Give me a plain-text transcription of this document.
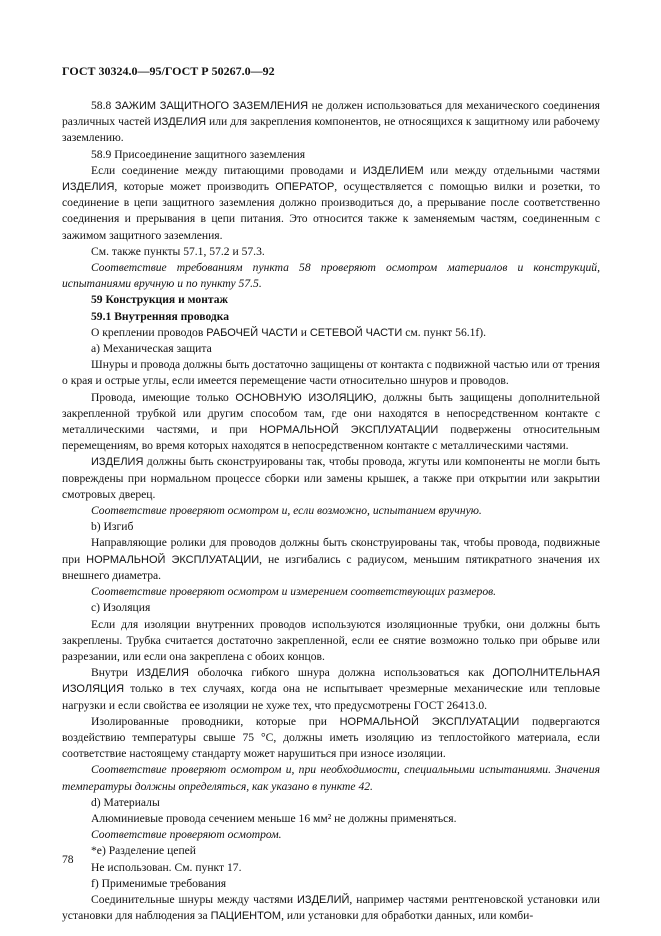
ГОСТ 30324.0—95/ГОСТ Р 50267.0—92

58.8 ЗАЖИМ ЗАЩИТНОГО ЗАЗЕМЛЕНИЯ не должен использоваться для механического соединения различных частей ИЗДЕЛИЯ или для закрепления компонентов, не относящихся к защитному или рабочему заземлению.

58.9 Присоединение защитного заземления

Если соединение между питающими проводами и ИЗДЕЛИЕМ или между отдельными частями ИЗДЕЛИЯ, которые может производить ОПЕРАТОР, осуществляется с помощью вилки и розетки, то соединение в цепи защитного заземления должно производиться до, а прерывание после соответственно соединения и прерывания в цепи питания. Это относится также к заменяемым частям, соединенным с зажимом защитного заземления.

См. также пункты 57.1, 57.2 и 57.3.

Соответствие требованиям пункта 58 проверяют осмотром материалов и конструкций, испытаниями вручную и по пункту 57.5.

59 Конструкция и монтаж

59.1 Внутренняя проводка

О креплении проводов РАБОЧЕЙ ЧАСТИ и СЕТЕВОЙ ЧАСТИ см. пункт 56.1f).

а) Механическая защита

Шнуры и провода должны быть достаточно защищены от контакта с подвижной частью или от трения о края и острые углы, если имеется перемещение части относительно шнуров и проводов.

Провода, имеющие только ОСНОВНУЮ ИЗОЛЯЦИЮ, должны быть защищены дополнительной закрепленной трубкой или другим способом там, где они находятся в непосредственном контакте с металлическими частями, и при НОРМАЛЬНОЙ ЭКСПЛУАТАЦИИ подвержены относительным перемещениям, во время которых находятся в непосредственном контакте с металлическими частями.

ИЗДЕЛИЯ должны быть сконструированы так, чтобы провода, жгуты или компоненты не могли быть повреждены при нормальном процессе сборки или замены крышек, а также при открытии или закрытии смотровых дверец.

Соответствие проверяют осмотром и, если возможно, испытанием вручную.

b) Изгиб

Направляющие ролики для проводов должны быть сконструированы так, чтобы провода, подвижные при НОРМАЛЬНОЙ ЭКСПЛУАТАЦИИ, не изгибались с радиусом, меньшим пятикратного значения их внешнего диаметра.

Соответствие проверяют осмотром и измерением соответствующих размеров.

с) Изоляция

Если для изоляции внутренних проводов используются изоляционные трубки, они должны быть закреплены. Трубка считается достаточно закрепленной, если ее снятие возможно только при обрыве или разрезании, или если она закреплена с обоих концов.

Внутри ИЗДЕЛИЯ оболочка гибкого шнура должна использоваться как ДОПОЛНИТЕЛЬНАЯ ИЗОЛЯЦИЯ только в тех случаях, когда она не испытывает чрезмерные механические или тепловые нагрузки и если свойства ее изоляции не хуже тех, что предусмотрены ГОСТ 26413.0.

Изолированные проводники, которые при НОРМАЛЬНОЙ ЭКСПЛУАТАЦИИ подвергаются воздействию температуры свыше 75 °С, должны иметь изоляцию из теплостойкого материала, если соответствие настоящему стандарту может нарушиться при износе изоляции.

Соответствие проверяют осмотром и, при необходимости, специальными испытаниями. Значения температуры должны определяться, как указано в пункте 42.

d) Материалы

Алюминиевые провода сечением меньше 16 мм² не должны применяться.

Соответствие проверяют осмотром.

*е) Разделение цепей

Не использован. См. пункт 17.

f) Применимые требования

Соединительные шнуры между частями ИЗДЕЛИЙ, например частями рентгеновской установки или установки для наблюдения за ПАЦИЕНТОМ, или установки для обработки данных, или комби-

78
